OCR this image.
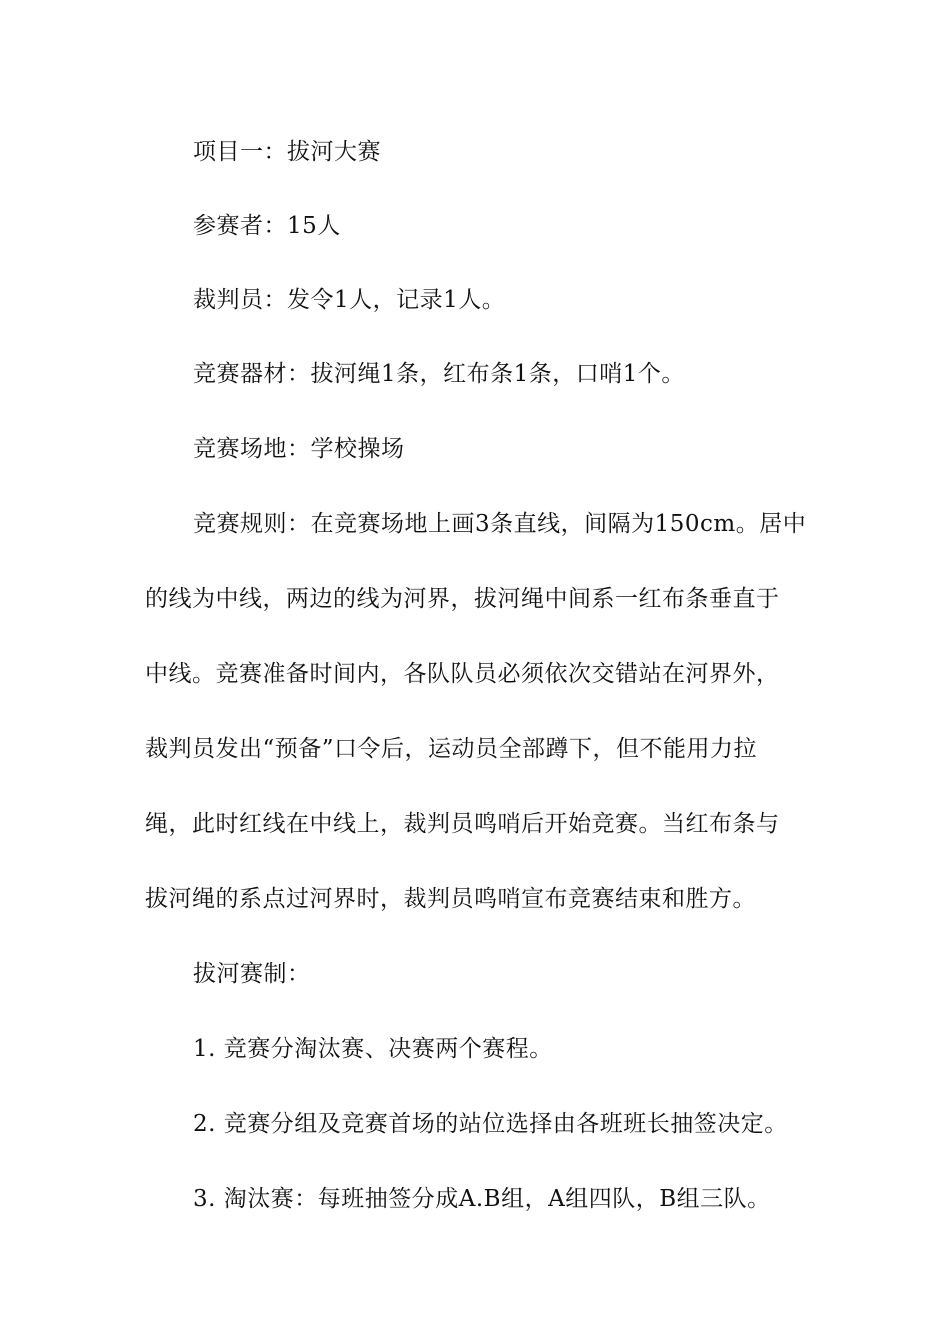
项目一：拔河大赛
参赛者：15人
裁判员：发令1人，记录1人。
竞赛器材：拔河绳1条，红布条1条，口哨1个。
竞赛场地：学校操场
竞赛规则：在竞赛场地上画3条直线，间隔为150cm。居中
的线为中线，两边的线为河界，拔河绳中间系一红布条垂直于
中线。竞赛准备时间内，各队队员必须依次交错站在河界外，
裁判员发出“预备”口令后，运动员全部蹲下，但不能用力拉
绳，此时红线在中线上，裁判员鸣哨后开始竞赛。当红布条与
拔河绳的系点过河界时，裁判员鸣哨宣布竞赛结束和胜方。
拔河赛制：
1. 竞赛分淘汰赛、决赛两个赛程。
2. 竞赛分组及竞赛首场的站位选择由各班班长抽签决定。
3. 淘汰赛：每班抽签分成A.B组，A组四队，B组三队。
